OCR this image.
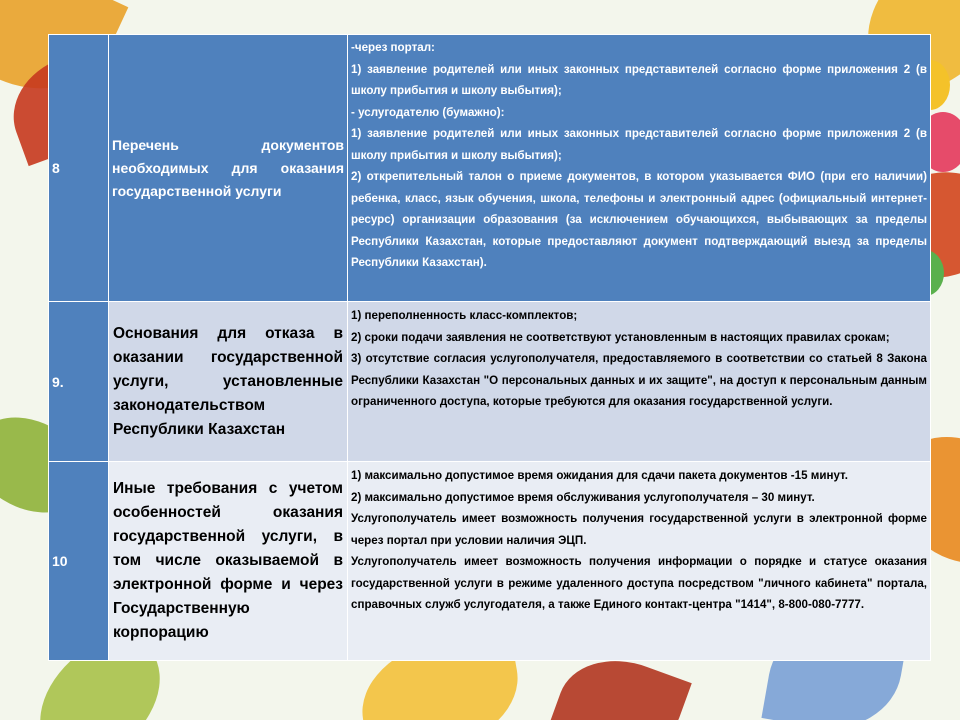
8	Перечень документов необходимых для оказания государственной услуги	-через портал:
1) заявление родителей или иных законных представителей согласно форме приложения 2 (в школу прибытия и школу выбытия);
- услугодателю (бумажно):
1) заявление родителей или иных законных представителей согласно форме приложения 2 (в школу прибытия и школу выбытия);
2) открепительный талон о приеме документов, в котором указывается ФИО (при его наличии) ребенка, класс, язык обучения, школа, телефоны и электронный адрес (официальный интернет-ресурс) организации образования (за исключением обучающихся, выбывающих за пределы Республики Казахстан, которые предоставляют документ подтверждающий выезд за пределы Республики Казахстан).

9.	Основания для отказа в оказании государственной услуги, установленные законодательством Республики Казахстан	1) переполненность класс-комплектов;
2) сроки подачи заявления не соответствуют установленным в настоящих правилах срокам;
3) отсутствие согласия услугополучателя, предоставляемого в соответствии со статьей 8 Закона Республики Казахстан "О персональных данных и их защите", на доступ к персональным данным ограниченного доступа, которые требуются для оказания государственной услуги.

10	Иные требования с учетом особенностей оказания государственной услуги, в том числе оказываемой в электронной форме и через Государственную корпорацию	1) максимально допустимое время ожидания для сдачи пакета документов -15 минут.
2) максимально допустимое время обслуживания услугополучателя – 30 минут.
Услугополучатель имеет возможность получения государственной услуги в электронной форме через портал при условии наличия ЭЦП.
Услугополучатель имеет возможность получения информации о порядке и статусе оказания государственной услуги в режиме удаленного доступа посредством "личного кабинета" портала, справочных служб услугодателя, а также Единого контакт-центра "1414", 8-800-080-7777.
